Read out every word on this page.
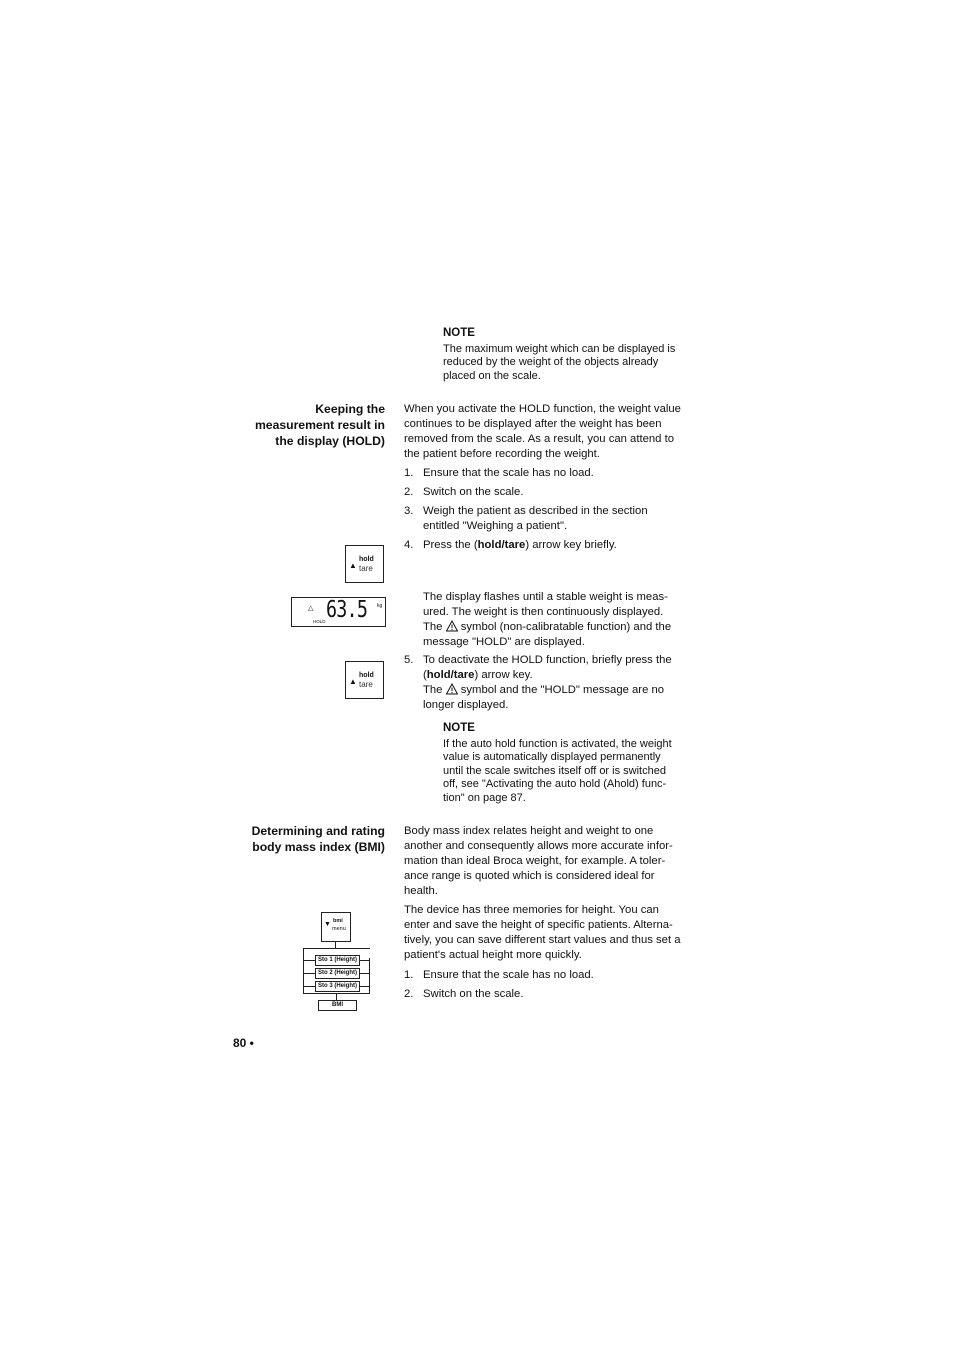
NOTE
The maximum weight which can be displayed is
reduced by the weight of the objects already
placed on the scale.
Keeping the
measurement result in
the display (HOLD)
When you activate the HOLD function, the weight value
continues to be displayed after the weight has been
removed from the scale. As a result, you can attend to
the patient before recording the weight.
1. Ensure that the scale has no load.
2. Switch on the scale.
3. Weigh the patient as described in the section
entitled "Weighing a patient".
4. Press the (hold/tare) arrow key briefly.
▲
hold
tare
△ 63.5 kg
HOLD
The display flashes until a stable weight is meas-
ured. The weight is then continuously displayed.
The  symbol (non-calibratable function) and the
message "HOLD" are displayed.
▲
hold
tare
5. To deactivate the HOLD function, briefly press the
(hold/tare) arrow key.
The  symbol and the "HOLD" message are no
longer displayed.
NOTE
If the auto hold function is activated, the weight
value is automatically displayed permanently
until the scale switches itself off or is switched
off, see "Activating the auto hold (Ahold) func-
tion" on page 87.
Determining and rating
body mass index (BMI)
Body mass index relates height and weight to one
another and consequently allows more accurate infor-
mation than ideal Broca weight, for example. A toler-
ance range is quoted which is considered ideal for
health.
The device has three memories for height. You can
enter and save the height of specific patients. Alterna-
tively, you can save different start values and thus set a
patient's actual height more quickly.
1. Ensure that the scale has no load.
2. Switch on the scale.
▼ bmi
menu
Sto 1 (Height)
Sto 2 (Height)
Sto 3 (Height)
BMI
80 •
